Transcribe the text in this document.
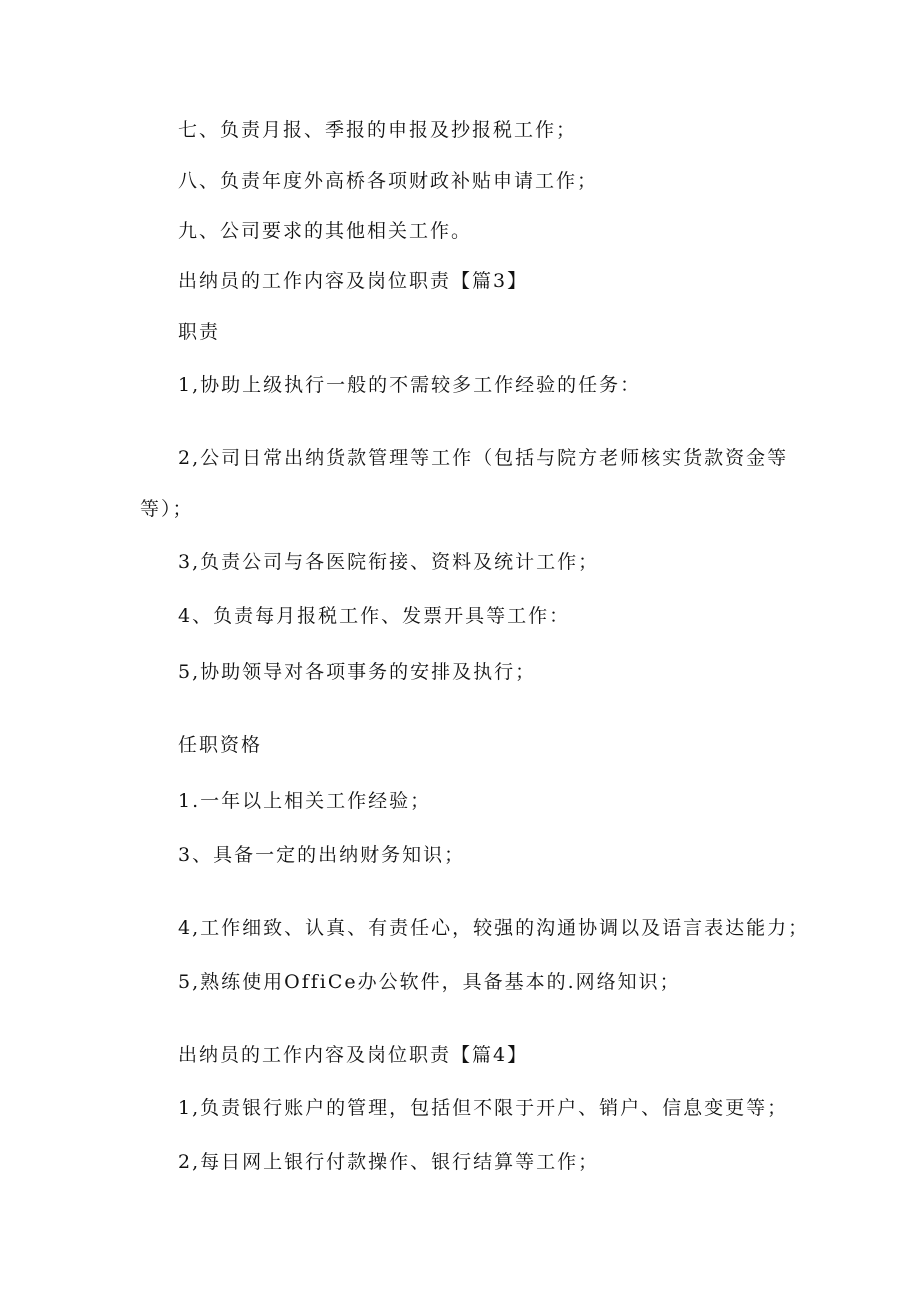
七、负责月报、季报的申报及抄报税工作；
八、负责年度外高桥各项财政补贴申请工作；
九、公司要求的其他相关工作。
出纳员的工作内容及岗位职责【篇3】
职责
1,协助上级执行一般的不需较多工作经验的任务：
2,公司日常出纳货款管理等工作（包括与院方老师核实货款资金等
等）；
3,负责公司与各医院衔接、资料及统计工作；
4、负责每月报税工作、发票开具等工作：
5,协助领导对各项事务的安排及执行；
任职资格
1.一年以上相关工作经验；
3、具备一定的出纳财务知识；
4,工作细致、认真、有责任心，较强的沟通协调以及语言表达能力；
5,熟练使用OffiCe办公软件，具备基本的.网络知识；
出纳员的工作内容及岗位职责【篇4】
1,负责银行账户的管理，包括但不限于开户、销户、信息变更等；
2,每日网上银行付款操作、银行结算等工作；
